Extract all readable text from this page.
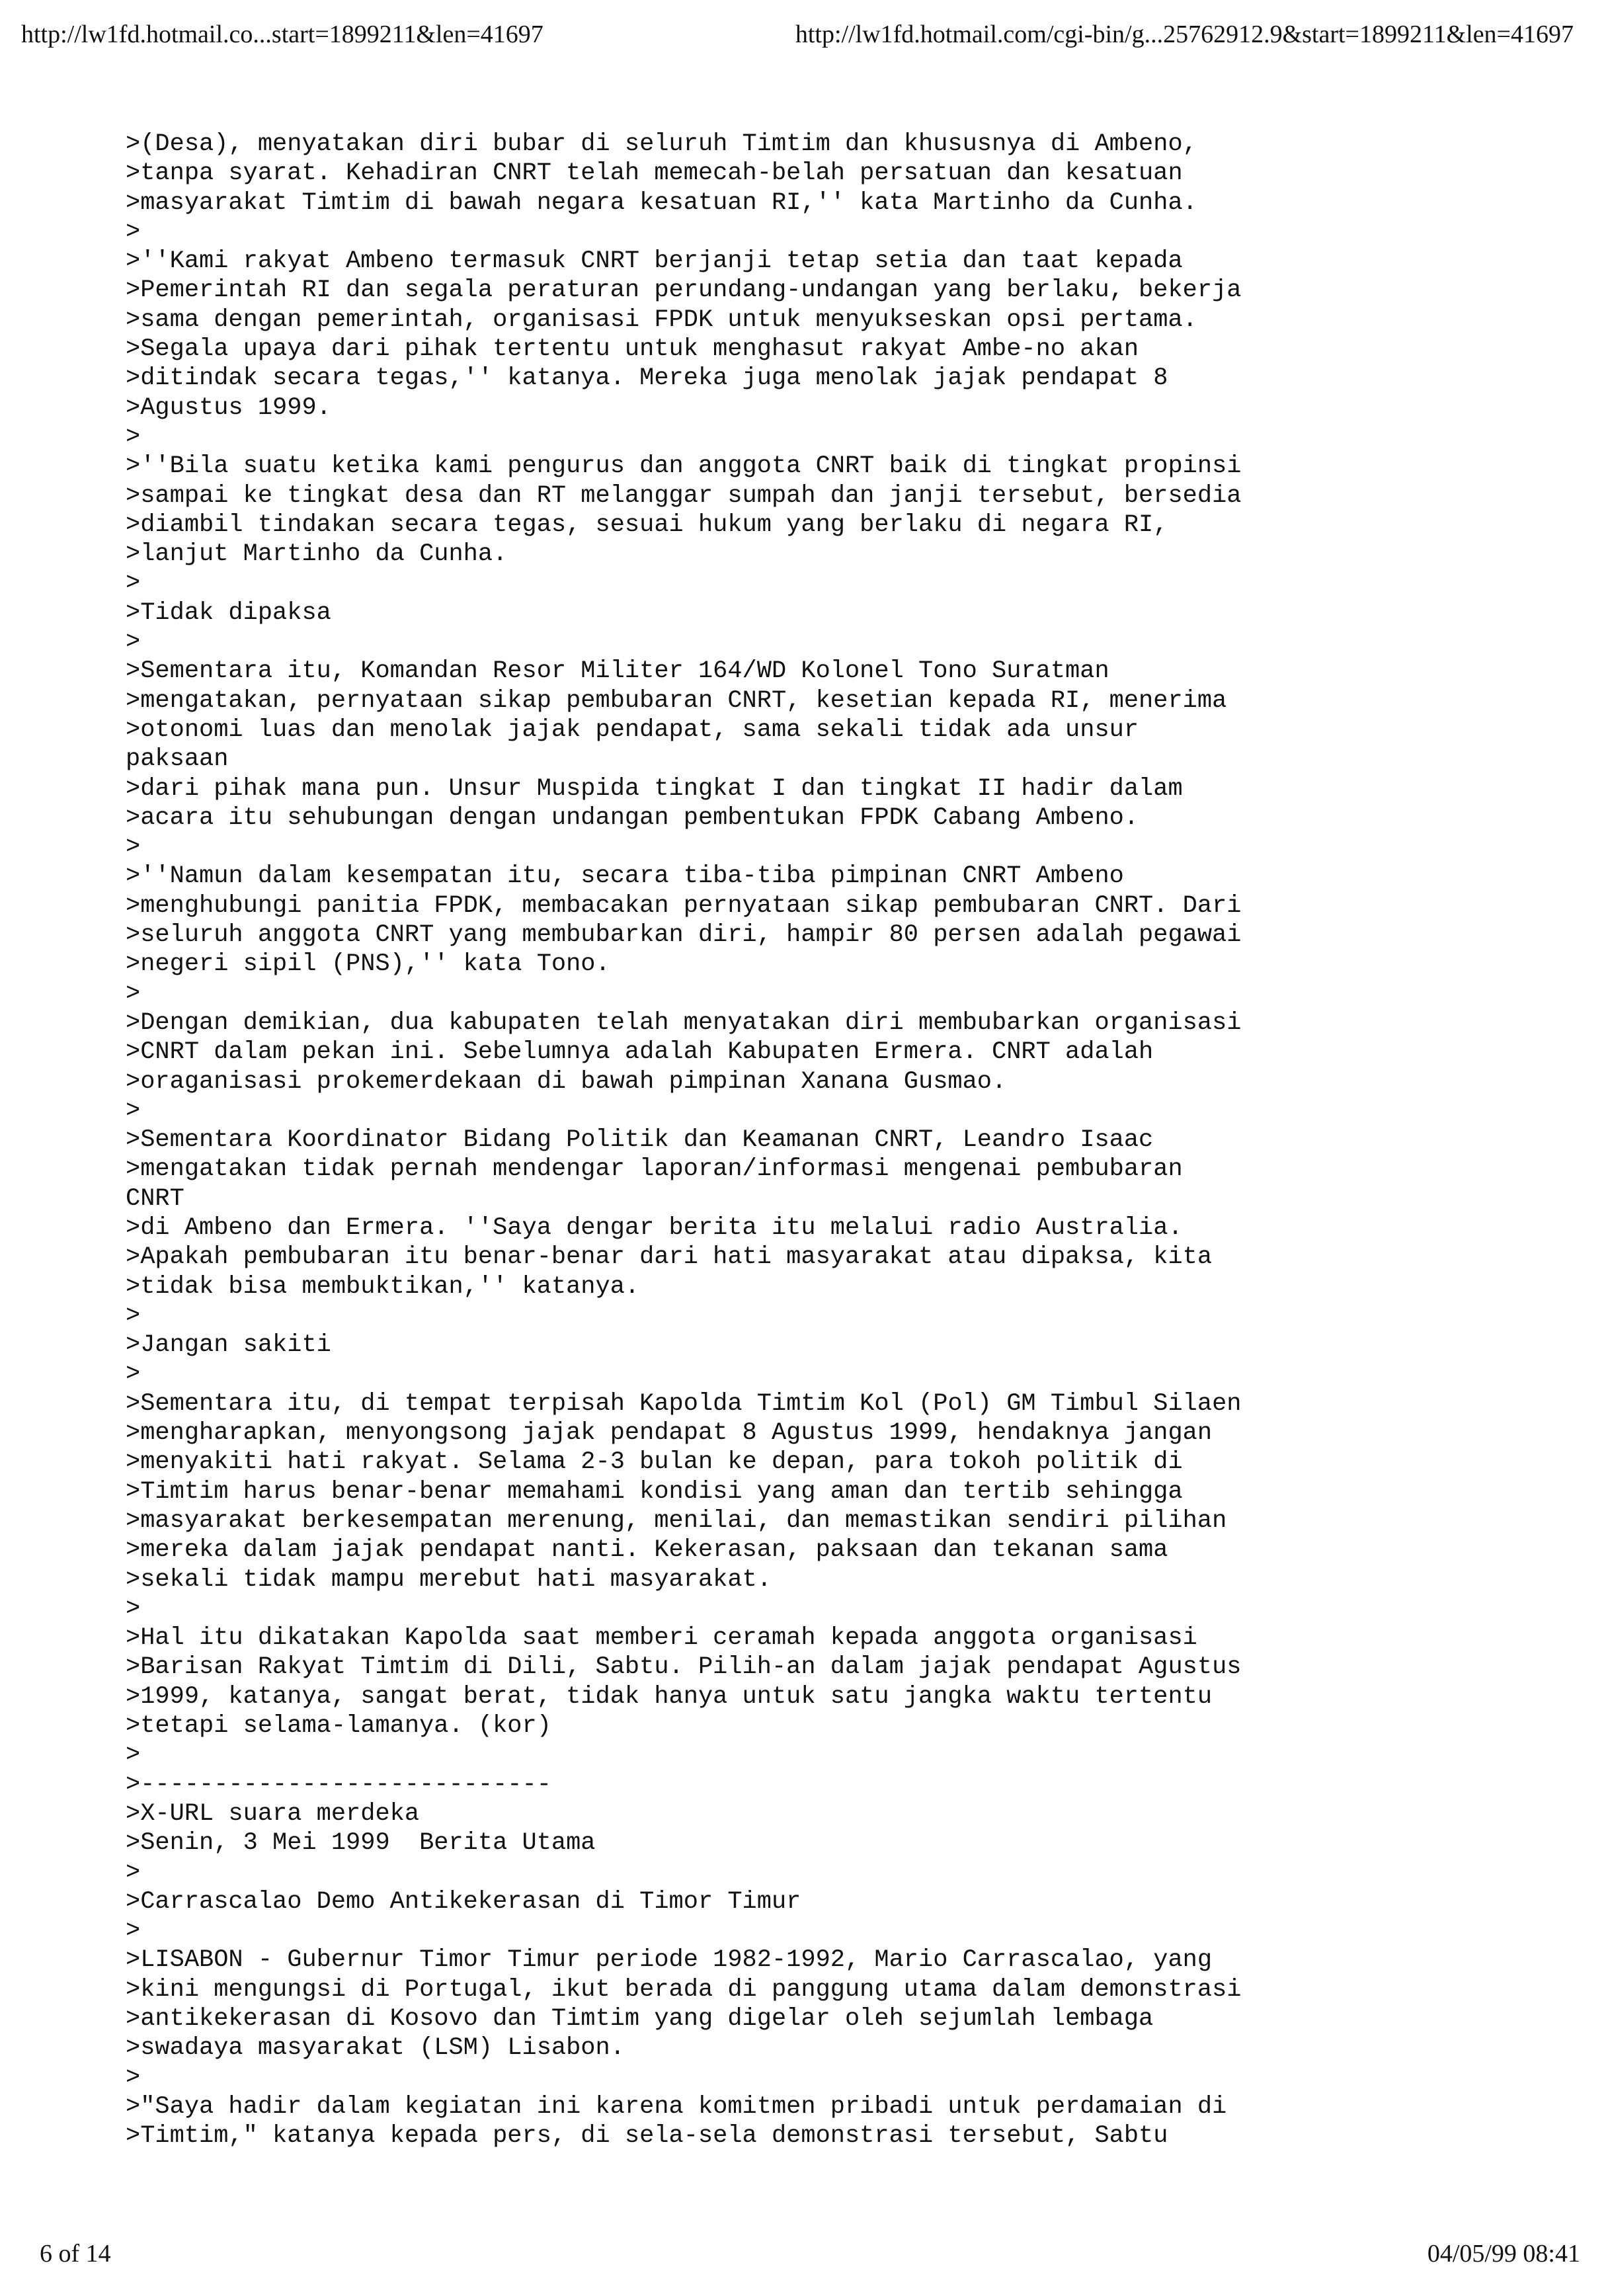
http://lw1fd.hotmail.co...start=1899211&len=41697	http://lw1fd.hotmail.com/cgi-bin/g...25762912.9&start=1899211&len=41697
>(Desa), menyatakan diri bubar di seluruh Timtim dan khususnya di Ambeno,
>tanpa syarat. Kehadiran CNRT telah memecah-belah persatuan dan kesatuan
>masyarakat Timtim di bawah negara kesatuan RI,'' kata Martinho da Cunha.
>
>''Kami rakyat Ambeno termasuk CNRT berjanji tetap setia dan taat kepada
>Pemerintah RI dan segala peraturan perundang-undangan yang berlaku, bekerja
>sama dengan pemerintah, organisasi FPDK untuk menyukseskan opsi pertama.
>Segala upaya dari pihak tertentu untuk menghasut rakyat Ambe-no akan
>ditindak secara tegas,'' katanya. Mereka juga menolak jajak pendapat 8
>Agustus 1999.
>
>''Bila suatu ketika kami pengurus dan anggota CNRT baik di tingkat propinsi
>sampai ke tingkat desa dan RT melanggar sumpah dan janji tersebut, bersedia
>diambil tindakan secara tegas, sesuai hukum yang berlaku di negara RI,
>lanjut Martinho da Cunha.
>
>Tidak dipaksa
>
>Sementara itu, Komandan Resor Militer 164/WD Kolonel Tono Suratman
>mengatakan, pernyataan sikap pembubaran CNRT, kesetian kepada RI, menerima
>otonomi luas dan menolak jajak pendapat, sama sekali tidak ada unsur
paksaan
>dari pihak mana pun. Unsur Muspida tingkat I dan tingkat II hadir dalam
>acara itu sehubungan dengan undangan pembentukan FPDK Cabang Ambeno.
>
>''Namun dalam kesempatan itu, secara tiba-tiba pimpinan CNRT Ambeno
>menghubungi panitia FPDK, membacakan pernyataan sikap pembubaran CNRT. Dari
>seluruh anggota CNRT yang membubarkan diri, hampir 80 persen adalah pegawai
>negeri sipil (PNS),'' kata Tono.
>
>Dengan demikian, dua kabupaten telah menyatakan diri membubarkan organisasi
>CNRT dalam pekan ini. Sebelumnya adalah Kabupaten Ermera. CNRT adalah
>oraganisasi prokemerdekaan di bawah pimpinan Xanana Gusmao.
>
>Sementara Koordinator Bidang Politik dan Keamanan CNRT, Leandro Isaac
>mengatakan tidak pernah mendengar laporan/informasi mengenai pembubaran
CNRT
>di Ambeno dan Ermera. ''Saya dengar berita itu melalui radio Australia.
>Apakah pembubaran itu benar-benar dari hati masyarakat atau dipaksa, kita
>tidak bisa membuktikan,'' katanya.
>
>Jangan sakiti
>
>Sementara itu, di tempat terpisah Kapolda Timtim Kol (Pol) GM Timbul Silaen
>mengharapkan, menyongsong jajak pendapat 8 Agustus 1999, hendaknya jangan
>menyakiti hati rakyat. Selama 2-3 bulan ke depan, para tokoh politik di
>Timtim harus benar-benar memahami kondisi yang aman dan tertib sehingga
>masyarakat berkesempatan merenung, menilai, dan memastikan sendiri pilihan
>mereka dalam jajak pendapat nanti. Kekerasan, paksaan dan tekanan sama
>sekali tidak mampu merebut hati masyarakat.
>
>Hal itu dikatakan Kapolda saat memberi ceramah kepada anggota organisasi
>Barisan Rakyat Timtim di Dili, Sabtu. Pilih-an dalam jajak pendapat Agustus
>1999, katanya, sangat berat, tidak hanya untuk satu jangka waktu tertentu
>tetapi selama-lamanya. (kor)
>
>----------------------------
>X-URL suara merdeka
>Senin, 3 Mei 1999  Berita Utama
>
>Carrascalao Demo Antikekerasan di Timor Timur
>
>LISABON - Gubernur Timor Timur periode 1982-1992, Mario Carrascalao, yang
>kini mengungsi di Portugal, ikut berada di panggung utama dalam demonstrasi
>antikekerasan di Kosovo dan Timtim yang digelar oleh sejumlah lembaga
>swadaya masyarakat (LSM) Lisabon.
>
>"Saya hadir dalam kegiatan ini karena komitmen pribadi untuk perdamaian di
>Timtim," katanya kepada pers, di sela-sela demonstrasi tersebut, Sabtu
6 of 14	04/05/99 08:41
